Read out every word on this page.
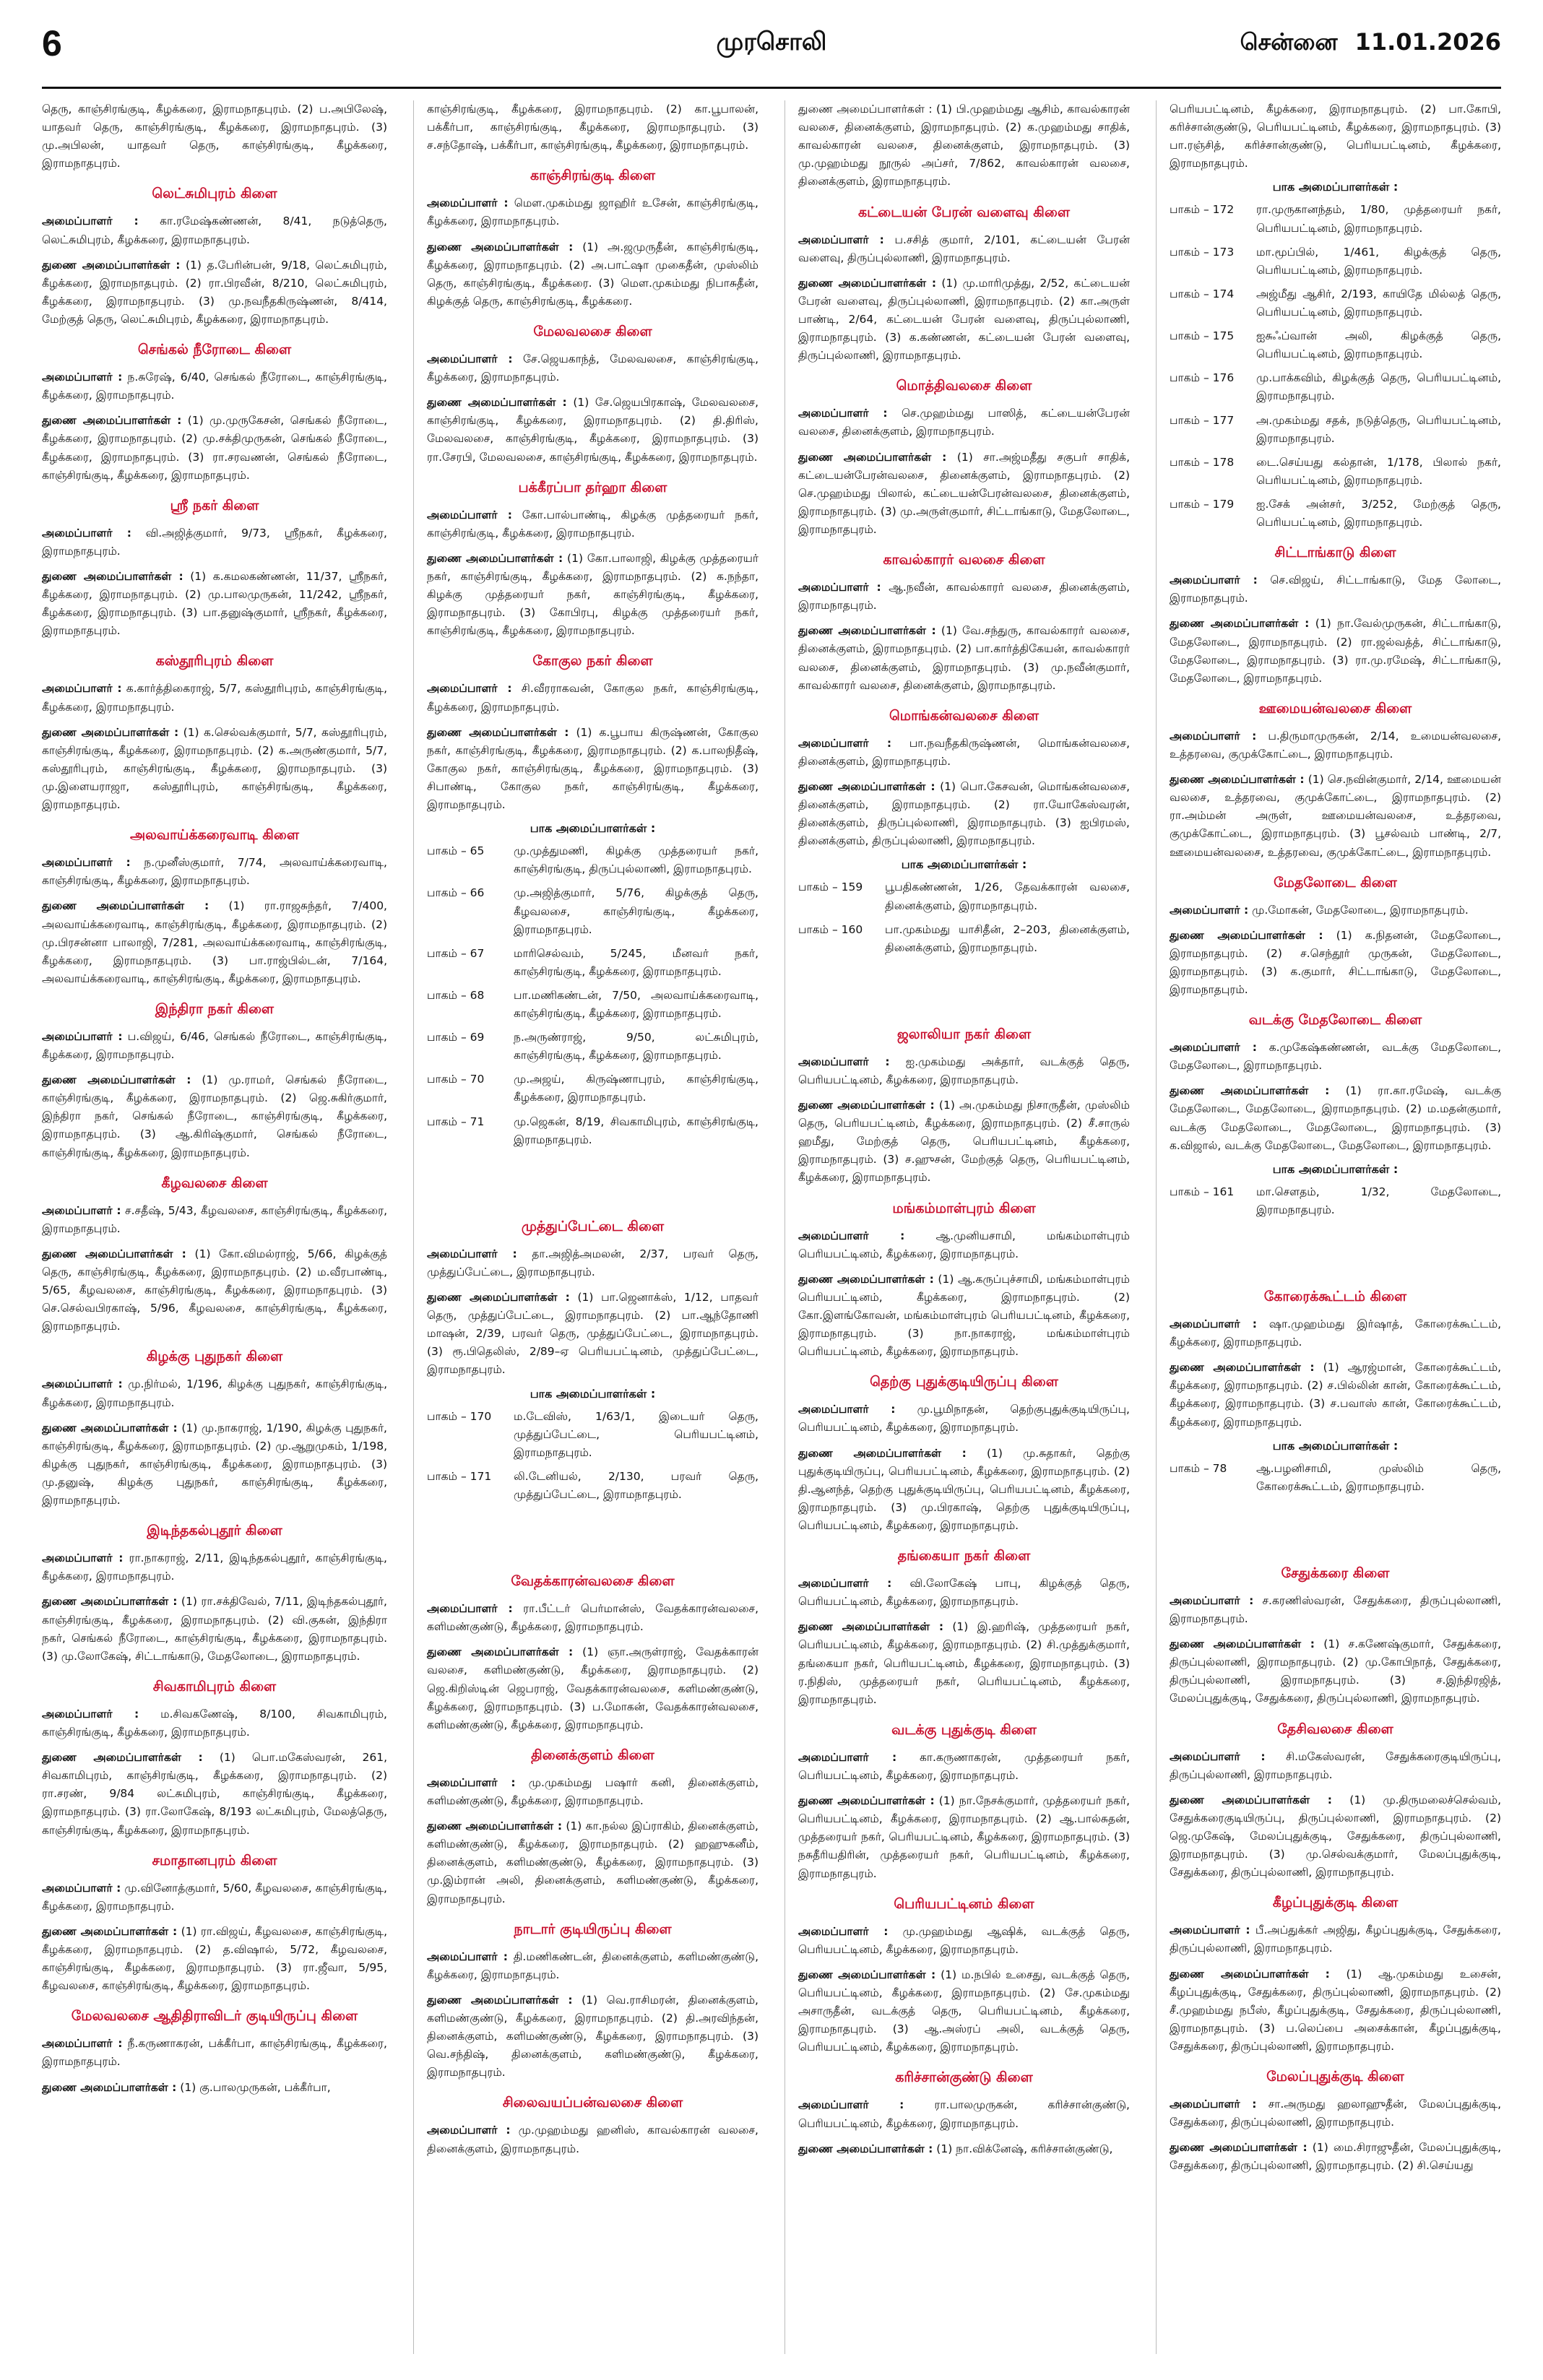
6	முரசொலி	சென்னை 11.01.2026

தெரு, காஞ்சிரங்குடி, கீழக்கரை, இராமநாதபுரம். (2) ப.அபிலேஷ், யாதவர் தெரு, காஞ்சிரங்குடி, கீழக்கரை, இராமநாதபுரம். (3) மு.அபிலன், யாதவர் தெரு, காஞ்சிரங்குடி, கீழக்கரை, இராமநாதபுரம்.

லெட்சுமிபுரம் கிளை

அமைப்பாளர் : கா.ரமேஷ்கண்ணன், 8/41, நடுத்தெரு, லெட்சுமிபுரம், கீழக்கரை, இராமநாதபுரம்.

துணை அமைப்பாளர்கள் : (1) த.பேரின்பன், 9/18, லெட்சுமிபுரம், கீழக்கரை, இராமநாதபுரம். (2) ரா.பிரவீன், 8/210, லெட்சுமிபுரம், கீழக்கரை, இராமநாதபுரம். (3) மு.நவநீதகிருஷ்ணன், 8/414, மேற்குத் தெரு, லெட்சுமிபுரம், கீழக்கரை, இராமநாதபுரம்.

செங்கல் நீரோடை கிளை

அமைப்பாளர் : ந.சுரேஷ், 6/40, செங்கல் நீரோடை, காஞ்சிரங்குடி, கீழக்கரை, இராமநாதபுரம்.

துணை அமைப்பாளர்கள் : (1) மு.முருகேசன், செங்கல் நீரோடை, கீழக்கரை, இராமநாதபுரம். (2) மு.சக்திமுருகன், செங்கல் நீரோடை, கீழக்கரை, இராமநாதபுரம். (3) ரா.சரவணன், செங்கல் நீரோடை, காஞ்சிரங்குடி, கீழக்கரை, இராமநாதபுரம்.

ஸ்ரீ நகர் கிளை

அமைப்பாளர் : வி.அஜித்குமார், 9/73, ஸ்ரீநகர், கீழக்கரை, இராமநாதபுரம்.

துணை அமைப்பாளர்கள் : (1) க.கமலகண்ணன், 11/37, ஸ்ரீநகர், கீழக்கரை, இராமநாதபுரம். (2) மு.பாலமுருகன், 11/242, ஸ்ரீநகர், கீழக்கரை, இராமநாதபுரம். (3) பா.தனுஷ்குமார், ஸ்ரீநகர், கீழக்கரை, இராமநாதபுரம்.

கஸ்தூரிபுரம் கிளை

அமைப்பாளர் : க.கார்த்திகைராஜ், 5/7, கஸ்தூரிபுரம், காஞ்சிரங்குடி, கீழக்கரை, இராமநாதபுரம்.

துணை அமைப்பாளர்கள் : (1) க.செல்வக்குமார், 5/7, கஸ்தூரிபுரம், காஞ்சிரங்குடி, கீழக்கரை, இராமநாதபுரம். (2) க.அருண்குமார், 5/7, கஸ்தூரிபுரம், காஞ்சிரங்குடி, கீழக்கரை, இராமநாதபுரம். (3) மு.இளையராஜா, கஸ்தூரிபுரம், காஞ்சிரங்குடி, கீழக்கரை, இராமநாதபுரம்.

அலவாய்க்கரைவாடி கிளை

அமைப்பாளர் : ந.முனீஸ்குமார், 7/74, அலவாய்க்கரைவாடி, காஞ்சிரங்குடி, கீழக்கரை, இராமநாதபுரம்.

துணை அமைப்பாளர்கள் : (1) ரா.ராஜசுந்தர், 7/400, அலவாய்க்கரைவாடி, காஞ்சிரங்குடி, கீழக்கரை, இராமநாதபுரம். (2) மு.பிரசன்னா பாலாஜி, 7/281, அலவாய்க்கரைவாடி, காஞ்சிரங்குடி, கீழக்கரை, இராமநாதபுரம். (3) பா.ராஜ்பில்டன், 7/164, அலவாய்க்கரைவாடி, காஞ்சிரங்குடி, கீழக்கரை, இராமநாதபுரம்.

இந்திரா நகர் கிளை

அமைப்பாளர் : ப.விஜய், 6/46, செங்கல் நீரோடை, காஞ்சிரங்குடி, கீழக்கரை, இராமநாதபுரம்.

துணை அமைப்பாளர்கள் : (1) மு.ராமர், செங்கல் நீரோடை, காஞ்சிரங்குடி, கீழக்கரை, இராமநாதபுரம். (2) ஜெ.சுகிர்குமார், இந்திரா நகர், செங்கல் நீரோடை, காஞ்சிரங்குடி, கீழக்கரை, இராமநாதபுரம். (3) ஆ.கிரிஷ்குமார், செங்கல் நீரோடை, காஞ்சிரங்குடி, கீழக்கரை, இராமநாதபுரம்.

கீழவலசை கிளை

அமைப்பாளர் : ச.சதீஷ், 5/43, கீழவலசை, காஞ்சிரங்குடி, கீழக்கரை, இராமநாதபுரம்.

துணை அமைப்பாளர்கள் : (1) கோ.விமல்ராஜ், 5/66, கிழக்குத் தெரு, காஞ்சிரங்குடி, கீழக்கரை, இராமநாதபுரம். (2) ம.வீரபாண்டி, 5/65, கீழவலசை, காஞ்சிரங்குடி, கீழக்கரை, இராமநாதபுரம். (3) செ.செல்வபிரகாஷ், 5/96, கீழவலசை, காஞ்சிரங்குடி, கீழக்கரை, இராமநாதபுரம்.

கிழக்கு புதுநகர் கிளை

அமைப்பாளர் : மு.நிர்மல், 1/196, கிழக்கு புதுநகர், காஞ்சிரங்குடி, கீழக்கரை, இராமநாதபுரம்.

துணை அமைப்பாளர்கள் : (1) மு.நாகராஜ், 1/190, கிழக்கு புதுநகர், காஞ்சிரங்குடி, கீழக்கரை, இராமநாதபுரம். (2) மு.ஆறுமுகம், 1/198, கிழக்கு புதுநகர், காஞ்சிரங்குடி, கீழக்கரை, இராமநாதபுரம். (3) மு.தனுஷ், கிழக்கு புதுநகர், காஞ்சிரங்குடி, கீழக்கரை, இராமநாதபுரம்.

இடிந்தகல்புதூர் கிளை

அமைப்பாளர் : ரா.நாகராஜ், 2/11, இடிந்தகல்புதூர், காஞ்சிரங்குடி, கீழக்கரை, இராமநாதபுரம்.

துணை அமைப்பாளர்கள் : (1) ரா.சக்திவேல், 7/11, இடிந்தகல்புதூர், காஞ்சிரங்குடி, கீழக்கரை, இராமநாதபுரம். (2) வி.குகன், இந்திரா நகர், செங்கல் நீரோடை, காஞ்சிரங்குடி, கீழக்கரை, இராமநாதபுரம். (3) மு.லோகேஷ், சிட்டாங்காடு, மேதலோடை, இராமநாதபுரம்.

சிவகாமிபுரம் கிளை

அமைப்பாளர் : ம.சிவகணேஷ், 8/100, சிவகாமிபுரம், காஞ்சிரங்குடி, கீழக்கரை, இராமநாதபுரம்.

துணை அமைப்பாளர்கள் : (1) பொ.மகேஸ்வரன், 261, சிவகாமிபுரம், காஞ்சிரங்குடி, கீழக்கரை, இராமநாதபுரம். (2) ரா.சரண், 9/84 லட்சுமிபுரம், காஞ்சிரங்குடி, கீழக்கரை, இராமநாதபுரம். (3) ரா.லோகேஷ், 8/193 லட்சுமிபுரம், மேலத்தெரு, காஞ்சிரங்குடி, கீழக்கரை, இராமநாதபுரம்.

சமாதானபுரம் கிளை

அமைப்பாளர் : மு.வினோத்குமார், 5/60, கீழவலசை, காஞ்சிரங்குடி, கீழக்கரை, இராமநாதபுரம்.

துணை அமைப்பாளர்கள் : (1) ரா.விஜய், கீழவலசை, காஞ்சிரங்குடி, கீழக்கரை, இராமநாதபுரம். (2) த.விஷால், 5/72, கீழவலசை, காஞ்சிரங்குடி, கீழக்கரை, இராமநாதபுரம். (3) ரா.ஜீவா, 5/95, கீழவலசை, காஞ்சிரங்குடி, கீழக்கரை, இராமநாதபுரம்.

மேலவலசை ஆதிதிராவிடர் குடியிருப்பு கிளை

அமைப்பாளர் : நீ.கருணாகரன், பக்கீர்பா, காஞ்சிரங்குடி, கீழக்கரை, இராமநாதபுரம்.

துணை அமைப்பாளர்கள் : (1) கு.பாலமுருகன், பக்கீர்பா,

காஞ்சிரங்குடி, கீழக்கரை, இராமநாதபுரம். (2) கா.பூபாலன், பக்கீர்பா, காஞ்சிரங்குடி, கீழக்கரை, இராமநாதபுரம். (3) ச.சந்தோஷ், பக்கீர்பா, காஞ்சிரங்குடி, கீழக்கரை, இராமநாதபுரம்.

காஞ்சிரங்குடி கிளை

அமைப்பாளர் : மௌ.முகம்மது ஜாஹிர் உசேன், காஞ்சிரங்குடி, கீழக்கரை, இராமநாதபுரம்.

துணை அமைப்பாளர்கள் : (1) அ.ஜமுருதீன், காஞ்சிரங்குடி, கீழக்கரை, இராமநாதபுரம். (2) அ.பாட்ஷா முகைதீன், முஸ்லிம் தெரு, காஞ்சிரங்குடி, கீழக்கரை. (3) மௌ.முகம்மது நிபாசுதீன், கிழக்குத் தெரு, காஞ்சிரங்குடி, கீழக்கரை.

மேலவலசை கிளை

அமைப்பாளர் : சே.ஜெயகாந்த், மேலவலசை, காஞ்சிரங்குடி, கீழக்கரை, இராமநாதபுரம்.

துணை அமைப்பாளர்கள் : (1) சே.ஜெயபிரகாஷ், மேலவலசை, காஞ்சிரங்குடி, கீழக்கரை, இராமநாதபுரம். (2) தி.திரிஸ், மேலவலசை, காஞ்சிரங்குடி, கீழக்கரை, இராமநாதபுரம். (3) ரா.சேரபி, மேலவலசை, காஞ்சிரங்குடி, கீழக்கரை, இராமநாதபுரம்.

பக்கீரப்பா தர்ஹா கிளை

அமைப்பாளர் : கோ.பால்பாண்டி, கிழக்கு முத்தரையர் நகர், காஞ்சிரங்குடி, கீழக்கரை, இராமநாதபுரம்.

துணை அமைப்பாளர்கள் : (1) கோ.பாலாஜி, கிழக்கு முத்தரையர் நகர், காஞ்சிரங்குடி, கீழக்கரை, இராமநாதபுரம். (2) க.நந்தா, கிழக்கு முத்தரையர் நகர், காஞ்சிரங்குடி, கீழக்கரை, இராமநாதபுரம். (3) கோபிரபு, கிழக்கு முத்தரையர் நகர், காஞ்சிரங்குடி, கீழக்கரை, இராமநாதபுரம்.

கோகுல நகர் கிளை

அமைப்பாளர் : சி.வீரராகவன், கோகுல நகர், காஞ்சிரங்குடி, கீழக்கரை, இராமநாதபுரம்.

துணை அமைப்பாளர்கள் : (1) க.பூபாய கிருஷ்ணன், கோகுல நகர், காஞ்சிரங்குடி, கீழக்கரை, இராமநாதபுரம். (2) க.பாலநிதீஷ், கோகுல நகர், காஞ்சிரங்குடி, கீழக்கரை, இராமநாதபுரம். (3) சிபாண்டி, கோகுல நகர், காஞ்சிரங்குடி, கீழக்கரை, இராமநாதபுரம்.

பாக அமைப்பாளர்கள் :
பாகம் – 65	மு.முத்துமணி, கிழக்கு முத்தரையர் நகர், காஞ்சிரங்குடி, திருப்புல்லாணி, இராமநாதபுரம்.
பாகம் – 66	மு.அஜித்குமார், 5/76, கிழக்குத் தெரு, கீழவலசை, காஞ்சிரங்குடி, கீழக்கரை, இராமநாதபுரம்.
பாகம் – 67	மாரிசெல்வம், 5/245, மீனவர் நகர், காஞ்சிரங்குடி, கீழக்கரை, இராமநாதபுரம்.
பாகம் – 68	பா.மணிகண்டன், 7/50, அலவாய்க்கரைவாடி, காஞ்சிரங்குடி, கீழக்கரை, இராமநாதபுரம்.
பாகம் – 69	ந.அருண்ராஜ், 9/50, லட்சுமிபுரம், காஞ்சிரங்குடி, கீழக்கரை, இராமநாதபுரம்.
பாகம் – 70	மு.அஜய், கிருஷ்ணாபுரம், காஞ்சிரங்குடி, கீழக்கரை, இராமநாதபுரம்.
பாகம் – 71	மு.ஜெகன், 8/19, சிவகாமிபுரம், காஞ்சிரங்குடி, இராமநாதபுரம்.
முத்துப்பேட்டை கிளை

அமைப்பாளர் : தா.அஜித்அமலன், 2/37, பரவர் தெரு, முத்துப்பேட்டை, இராமநாதபுரம்.

துணை அமைப்பாளர்கள் : (1) பா.ஜெனாக்ஸ், 1/12, பாதவர் தெரு, முத்துப்பேட்டை, இராமநாதபுரம். (2) பா.ஆந்தோணி மாஷன், 2/39, பரவர் தெரு, முத்துப்பேட்டை, இராமநாதபுரம். (3) ரூ.பிதெலிஸ், 2/89–ஏ பெரியபட்டினம், முத்துப்பேட்டை, இராமநாதபுரம்.

பாக அமைப்பாளர்கள் :
பாகம் – 170	ம.டேவிஸ், 1/63/1, இடையர் தெரு, முத்துப்பேட்டை, பெரியபட்டினம், இராமநாதபுரம்.
பாகம் – 171	லி.டேனியல், 2/130, பரவர் தெரு, முத்துப்பேட்டை, இராமநாதபுரம்.
வேதக்காரன்வலசை கிளை

அமைப்பாளர் : ரா.பீட்டர் பெர்மான்ஸ், வேதக்காரன்வலசை, களிமண்குண்டு, கீழக்கரை, இராமநாதபுரம்.

துணை அமைப்பாளர்கள் : (1) ஞா.அருள்ராஜ், வேதக்காரன் வலசை, களிமண்குண்டு, கீழக்கரை, இராமநாதபுரம். (2) ஜெ.கிறிஸ்டின் ஜெபராஜ், வேதக்காரன்வலசை, களிமண்குண்டு, கீழக்கரை, இராமநாதபுரம். (3) ப.மோகன், வேதக்காரன்வலசை, களிமண்குண்டு, கீழக்கரை, இராமநாதபுரம்.

தினைக்குளம் கிளை

அமைப்பாளர் : மு.முகம்மது பஷார் கனி, தினைக்குளம், களிமண்குண்டு, கீழக்கரை, இராமநாதபுரம்.

துணை அமைப்பாளர்கள் : (1) கா.நல்ல இப்ராகிம், தினைக்குளம், களிமண்குண்டு, கீழக்கரை, இராமநாதபுரம். (2) ஹஹுகனீம், தினைக்குளம், களிமண்குண்டு, கீழக்கரை, இராமநாதபுரம். (3) மு.இம்ரான் அலி, தினைக்குளம், களிமண்குண்டு, கீழக்கரை, இராமநாதபுரம்.

நாடார் குடியிருப்பு கிளை

அமைப்பாளர் : தி.மணிகண்டன், தினைக்குளம், களிமண்குண்டு, கீழக்கரை, இராமநாதபுரம்.

துணை அமைப்பாளர்கள் : (1) வெ.ராசிமரன், தினைக்குளம், களிமண்குண்டு, கீழக்கரை, இராமநாதபுரம். (2) தி.அரவிந்தன், தினைக்குளம், களிமண்குண்டு, கீழக்கரை, இராமநாதபுரம். (3) வெ.சந்திஷ், தினைக்குளம், களிமண்குண்டு, கீழக்கரை, இராமநாதபுரம்.

சிலைவயப்பன்வலசை கிளை

அமைப்பாளர் : மு.முஹம்மது ஹனிஸ், காவல்காரன் வலசை, தினைக்குளம், இராமநாதபுரம்.

துணை அமைப்பாளர்கள் : (1) பி.முஹம்மது ஆசிம், காவல்காரன் வலசை, தினைக்குளம், இராமநாதபுரம். (2) க.முஹம்மது சாதிக், காவல்காரன் வலசை, தினைக்குளம், இராமநாதபுரம். (3) மு.முஹம்மது நூருல் அப்சர், 7/862, காவல்காரன் வலசை, தினைக்குளம், இராமநாதபுரம்.

கட்டையன் பேரன் வளைவு கிளை

அமைப்பாளர் : ப.சசித் குமார், 2/101, கட்டையன் பேரன் வளைவு, திருப்புல்லாணி, இராமநாதபுரம்.

துணை அமைப்பாளர்கள் : (1) மு.மாரிமுத்து, 2/52, கட்டையன் பேரன் வளைவு, திருப்புல்லாணி, இராமநாதபுரம். (2) கா.அருள் பாண்டி, 2/64, கட்டையன் பேரன் வளைவு, திருப்புல்லாணி, இராமநாதபுரம். (3) க.கண்ணன், கட்டையன் பேரன் வளைவு, திருப்புல்லாணி, இராமநாதபுரம்.

மொத்திவலசை கிளை

அமைப்பாளர் : செ.முஹம்மது பாஸித், கட்டையன்பேரன் வலசை, தினைக்குளம், இராமநாதபுரம்.

துணை அமைப்பாளர்கள் : (1) சா.அஜ்மதீது சகுபர் சாதிக், கட்டையன்பேரன்வலசை, தினைக்குளம், இராமநாதபுரம். (2) செ.முஹம்மது பிலால், கட்டையன்பேரன்வலசை, தினைக்குளம், இராமநாதபுரம். (3) மு.அருள்குமார், சிட்டாங்காடு, மேதலோடை, இராமநாதபுரம்.

காவல்காரர் வலசை கிளை

அமைப்பாளர் : ஆ.நவீன், காவல்காரர் வலசை, தினைக்குளம், இராமநாதபுரம்.

துணை அமைப்பாளர்கள் : (1) வே.சந்துரு, காவல்காரர் வலசை, தினைக்குளம், இராமநாதபுரம். (2) பா.கார்த்திகேயன், காவல்காரர் வலசை, தினைக்குளம், இராமநாதபுரம். (3) மு.நவீன்குமார், காவல்காரர் வலசை, தினைக்குளம், இராமநாதபுரம்.

மொங்கன்வலசை கிளை

அமைப்பாளர் : பா.நவநீதகிருஷ்ணன், மொங்கன்வலசை, தினைக்குளம், இராமநாதபுரம்.

துணை அமைப்பாளர்கள் : (1) பொ.கேசவன், மொங்கன்வலசை, தினைக்குளம், இராமநாதபுரம். (2) ரா.யோகேஸ்வரன், தினைக்குளம், திருப்புல்லாணி, இராமநாதபுரம். (3) ஐபிரமஸ், தினைக்குளம், திருப்புல்லாணி, இராமநாதபுரம்.

பாக அமைப்பாளர்கள் :
பாகம் – 159	பூபதிகண்ணன், 1/26, தேவக்காரன் வலசை, தினைக்குளம், இராமநாதபுரம்.
பாகம் – 160	பா.முகம்மது யாசிதீன், 2–203, தினைக்குளம், தினைக்குளம், இராமநாதபுரம்.
ஜலாலியா நகர் கிளை

அமைப்பாளர் : ஐ.முகம்மது அக்தார், வடக்குத் தெரு, பெரியபட்டினம், கீழக்கரை, இராமநாதபுரம்.

துணை அமைப்பாளர்கள் : (1) அ.முகம்மது நிசாருதீன், முஸ்லிம் தெரு, பெரியபட்டினம், கீழக்கரை, இராமநாதபுரம். (2) சீ.சாருல் ஹமீது, மேற்குத் தெரு, பெரியபட்டினம், கீழக்கரை, இராமநாதபுரம். (3) ச.ஹுசன், மேற்குத் தெரு, பெரியபட்டினம், கீழக்கரை, இராமநாதபுரம்.

மங்கம்மாள்புரம் கிளை

அமைப்பாளர் :	ஆ.முனியசாமி, மங்கம்மாள்புரம் பெரியபட்டினம், கீழக்கரை, இராமநாதபுரம்.

துணை அமைப்பாளர்கள் : (1) ஆ.கருப்புச்சாமி, மங்கம்மாள்புரம் பெரியபட்டினம், கீழக்கரை, இராமநாதபுரம். (2) கோ.இளங்கோவன், மங்கம்மாள்புரம் பெரியபட்டினம், கீழக்கரை, இராமநாதபுரம். (3) நா.நாகராஜ், மங்கம்மாள்புரம் பெரியபட்டினம், கீழக்கரை, இராமநாதபுரம்.

தெற்கு புதுக்குடியிருப்பு கிளை

அமைப்பாளர் : மு.பூமிநாதன், தெற்குபுதுக்குடியிருப்பு, பெரியபட்டினம், கீழக்கரை, இராமநாதபுரம்.

துணை அமைப்பாளர்கள் : (1) மு.சுதாகர், தெற்கு புதுக்குடியிருப்பு, பெரியபட்டினம், கீழக்கரை, இராமநாதபுரம். (2) தி.ஆனந்த், தெற்கு புதுக்குடியிருப்பு, பெரியபட்டினம், கீழக்கரை, இராமநாதபுரம். (3) மு.பிரகாஷ், தெற்கு புதுக்குடியிருப்பு, பெரியபட்டினம், கீழக்கரை, இராமநாதபுரம்.

தங்கையா நகர் கிளை

அமைப்பாளர் : வி.லோகேஷ் பாபு, கிழக்குத் தெரு, பெரியபட்டினம், கீழக்கரை, இராமநாதபுரம்.

துணை அமைப்பாளர்கள் : (1) இ.ஹரிஷ், முத்தரையர் நகர், பெரியபட்டினம், கீழக்கரை, இராமநாதபுரம். (2) சி.முத்துக்குமார், தங்கையா நகர், பெரியபட்டினம், கீழக்கரை, இராமநாதபுரம். (3) ர.நிதிஸ், முத்தரையர் நகர், பெரியபட்டினம், கீழக்கரை, இராமநாதபுரம்.

வடக்கு புதுக்குடி கிளை

அமைப்பாளர் : கா.கருணாகரன், முத்தரையர் நகர், பெரியபட்டினம், கீழக்கரை, இராமநாதபுரம்.

துணை அமைப்பாளர்கள் : (1) நா.நேசக்குமார், முத்தரையர் நகர், பெரியபட்டினம், கீழக்கரை, இராமநாதபுரம். (2) ஆ.பால்சுதன், முத்தரையர் நகர், பெரியபட்டினம், கீழக்கரை, இராமநாதபுரம். (3) நசுதீரியதிரின், முத்தரையர் நகர், பெரியபட்டினம், கீழக்கரை, இராமநாதபுரம்.

பெரியபட்டினம் கிளை

அமைப்பாளர் : மு.முஹம்மது ஆஷிக், வடக்குத் தெரு, பெரியபட்டினம், கீழக்கரை, இராமநாதபுரம்.

துணை அமைப்பாளர்கள் : (1) ம.நபில் உசைது, வடக்குத் தெரு, பெரியபட்டினம், கீழக்கரை, இராமநாதபுரம். (2) சே.முகம்மது அசாருதீன், வடக்குத் தெரு, பெரியபட்டினம், கீழக்கரை, இராமநாதபுரம். (3) ஆ.அஸ்ரப் அலி, வடக்குத் தெரு, பெரியபட்டினம், கீழக்கரை, இராமநாதபுரம்.

கரிச்சான்குண்டு கிளை

அமைப்பாளர் :	ரா.பாலமுருகன், கரிச்சான்குண்டு, பெரியபட்டினம், கீழக்கரை, இராமநாதபுரம்.

துணை அமைப்பாளர்கள் : (1) நா.விக்னேஷ், கரிச்சான்குண்டு,

பெரியபட்டினம், கீழக்கரை, இராமநாதபுரம். (2) பா.கோபி, கரிச்சான்குண்டு, பெரியபட்டினம், கீழக்கரை, இராமநாதபுரம். (3) பா.ரஞ்சித், கரிச்சான்குண்டு, பெரியபட்டினம், கீழக்கரை, இராமநாதபுரம்.

பாக அமைப்பாளர்கள் :
பாகம் – 172	ரா.முருகானந்தம், 1/80, முத்தரையர் நகர், பெரியபட்டினம், இராமநாதபுரம்.
பாகம் – 173	மா.மூப்பில், 1/461, கிழக்குத் தெரு, பெரியபட்டினம், இராமநாதபுரம்.
பாகம் – 174	அஜ்மீது ஆசிர், 2/193, காயிதே மில்லத் தெரு, பெரியபட்டினம், இராமநாதபுரம்.
பாகம் – 175	ஐசுஃப்வான் அலி, கிழக்குத் தெரு, பெரியபட்டினம், இராமநாதபுரம்.
பாகம் – 176	மு.பாக்கவிம், கிழக்குத் தெரு, பெரியபட்டினம், இராமநாதபுரம்.
பாகம் – 177	அ.முகம்மது சதக், நடுத்தெரு, பெரியபட்டினம், இராமநாதபுரம்.
பாகம் – 178	டை.செய்யது கல்தான், 1/178, பிலால் நகர், பெரியபட்டினம், இராமநாதபுரம்.
பாகம் – 179	ஐ.சேக் அன்சர், 3/252, மேற்குத் தெரு, பெரியபட்டினம், இராமநாதபுரம்.
சிட்டாங்காடு கிளை

அமைப்பாளர் : செ.விஜய், சிட்டாங்காடு, மேத லோடை, இராமநாதபுரம்.

துணை அமைப்பாளர்கள் : (1) நா.வேல்முருகன், சிட்டாங்காடு, மேதலோடை, இராமநாதபுரம். (2) ரா.ஜல்வத்த், சிட்டாங்காடு, மேதலோடை, இராமநாதபுரம். (3) ரா.மு.ரமேஷ், சிட்டாங்காடு, மேதலோடை, இராமநாதபுரம்.

ஊமையன்வலசை கிளை

அமைப்பாளர் : ப.திருமாமுருகன், 2/14, உமையன்வலசை, உத்தரவை, குமுக்கோட்டை, இராமநாதபுரம்.

துணை அமைப்பாளர்கள் : (1) செ.நவின்குமார், 2/14, ஊமையன் வலசை, உத்தரவை, குமுக்கோட்டை, இராமநாதபுரம். (2) ரா.அம்மன் அருள், ஊமையன்வலசை, உத்தரவை, குமுக்கோட்டை, இராமநாதபுரம். (3) பூசல்வம் பாண்டி, 2/7, ஊமையன்வலசை, உத்தரவை, குமுக்கோட்டை, இராமநாதபுரம்.

மேதலோடை கிளை

அமைப்பாளர் : மு.மோகன், மேதலோடை, இராமநாதபுரம்.

துணை அமைப்பாளர்கள் : (1) க.நிதனன், மேதலோடை, இராமநாதபுரம். (2) ச.செந்தூர் முருகன், மேதலோடை, இராமநாதபுரம். (3) க.குமார், சிட்டாங்காடு, மேதலோடை, இராமநாதபுரம்.

வடக்கு மேதலோடை கிளை

அமைப்பாளர் : க.முகேஷ்கண்ணன், வடக்கு மேதலோடை, மேதலோடை, இராமநாதபுரம்.

துணை அமைப்பாளர்கள் : (1) ரா.கா.ரமேஷ், வடக்கு மேதலோடை, மேதலோடை, இராமநாதபுரம். (2) ம.மதன்குமார், வடக்கு மேதலோடை, மேதலோடை, இராமநாதபுரம். (3) க.விஜால், வடக்கு மேதலோடை, மேதலோடை, இராமநாதபுரம்.

பாக அமைப்பாளர்கள் :
பாகம் – 161	மா.சௌதம், 1/32, மேதலோடை, இராமநாதபுரம்.
கோரைக்கூட்டம் கிளை

அமைப்பாளர் : ஷா.முஹம்மது இர்ஷாத், கோரைக்கூட்டம், கீழக்கரை, இராமநாதபுரம்.

துணை அமைப்பாளர்கள் : (1) ஆரஜ்மான், கோரைக்கூட்டம், கீழக்கரை, இராமநாதபுரம். (2) ச.பில்லின் கான், கோரைக்கூட்டம், கீழக்கரை, இராமநாதபுரம். (3) ச.பவாஸ் கான், கோரைக்கூட்டம், கீழக்கரை, இராமநாதபுரம்.

பாக அமைப்பாளர்கள் :
பாகம் – 78	ஆ.பழனிசாமி, முஸ்லிம் தெரு, கோரைக்கூட்டம், இராமநாதபுரம்.
சேதுக்கரை கிளை

அமைப்பாளர் : ச.கரணிஸ்வரன், சேதுக்கரை, திருப்புல்லாணி, இராமநாதபுரம்.

துணை அமைப்பாளர்கள் : (1) ச.கணேஷ்குமார், சேதுக்கரை, திருப்புல்லாணி, இராமநாதபுரம். (2) மு.கோபிநாத், சேதுக்கரை, திருப்புல்லாணி, இராமநாதபுரம். (3) ச.இந்திரஜித், மேலப்புதுக்குடி, சேதுக்கரை, திருப்புல்லாணி, இராமநாதபுரம்.

தேசிவலசை கிளை

அமைப்பாளர் : சி.மகேஸ்வரன், சேதுக்கரைகுடியிருப்பு, திருப்புல்லாணி, இராமநாதபுரம்.

துணை அமைப்பாளர்கள் : (1) மு.திருமலைச்செல்வம், சேதுக்கரைகுடியிருப்பு, திருப்புல்லாணி, இராமநாதபுரம். (2) ஜெ.முகேஷ், மேலப்புதுக்குடி, சேதுக்கரை, திருப்புல்லாணி, இராமநாதபுரம். (3) மு.செல்வக்குமார், மேலப்புதுக்குடி, சேதுக்கரை, திருப்புல்லாணி, இராமநாதபுரம்.

கீழப்புதுக்குடி கிளை

அமைப்பாளர் : பீ.அப்துக்கர் அஜிது, கீழப்புதுக்குடி, சேதுக்கரை, திருப்புல்லாணி, இராமநாதபுரம்.

துணை அமைப்பாளர்கள் : (1) ஆ.முகம்மது உசைன், கீழப்புதுக்குடி, சேதுக்கரை, திருப்புல்லாணி, இராமநாதபுரம். (2) சீ.முஹம்மது நபீஸ், கீழப்புதுக்குடி, சேதுக்கரை, திருப்புல்லாணி, இராமநாதபுரம். (3) ப.லெப்பை அசைக்கான், கீழப்புதுக்குடி, சேதுக்கரை, திருப்புல்லாணி, இராமநாதபுரம்.

மேலப்புதுக்குடி கிளை

அமைப்பாளர் : சா.அருமது ஹலாஹுதீன், மேலப்புதுக்குடி, சேதுக்கரை, திருப்புல்லாணி, இராமநாதபுரம்.

துணை அமைப்பாளர்கள் : (1) மை.சிராஜுதீன், மேலப்புதுக்குடி, சேதுக்கரை, திருப்புல்லாணி, இராமநாதபுரம். (2) சி.செய்யது
